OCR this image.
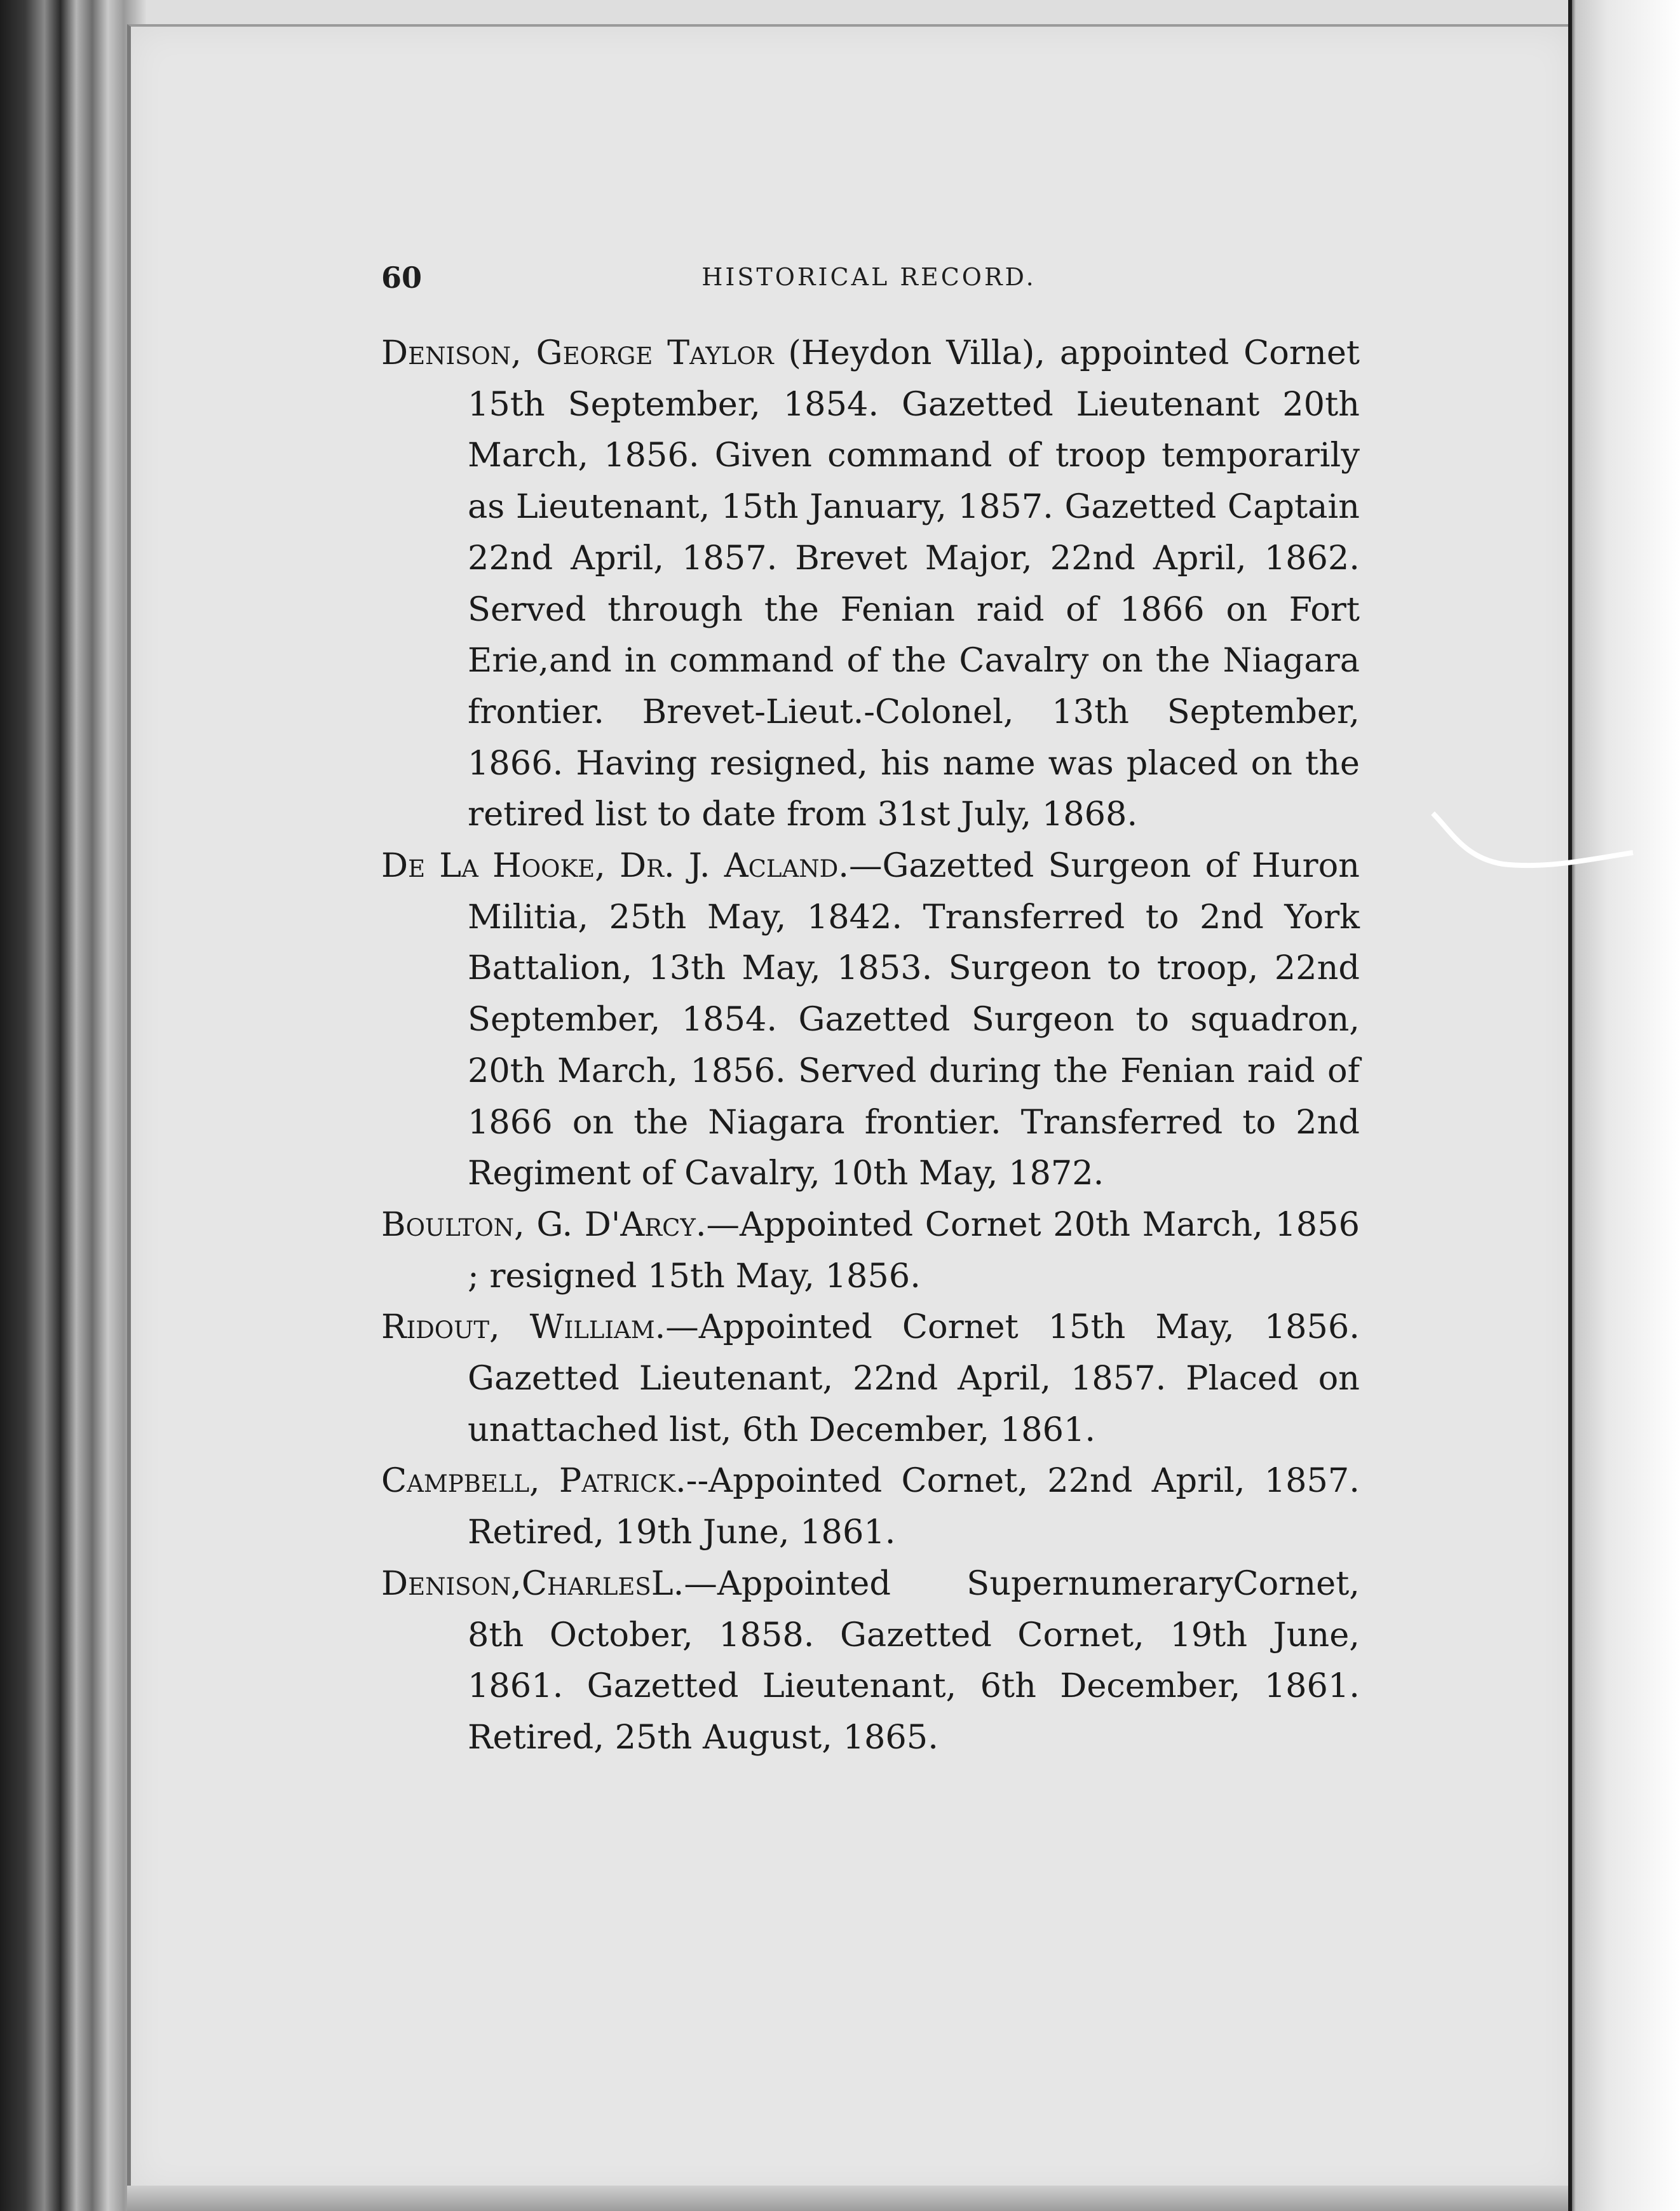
60	HISTORICAL RECORD.

Denison, George Taylor (Heydon Villa), appointed Cornet 15th September, 1854. Gazetted Lieutenant 20th March, 1856. Given command of troop temporarily as Lieutenant, 15th January, 1857. Gazetted Captain 22nd April, 1857. Brevet Major, 22nd April, 1862. Served through the Fenian raid of 1866 on Fort Erie,and in command of the Cavalry on the Niagara frontier. Brevet-Lieut.-Colonel, 13th September, 1866. Having resigned, his name was placed on the retired list to date from 31st July, 1868.

De La Hooke, Dr. J. Acland.—Gazetted Surgeon of Huron Militia, 25th May, 1842. Transferred to 2nd York Battalion, 13th May, 1853. Surgeon to troop, 22nd September, 1854. Gazetted Surgeon to squadron, 20th March, 1856. Served during the Fenian raid of 1866 on the Niagara frontier. Transferred to 2nd Regiment of Cavalry, 10th May, 1872.

Boulton, G. D'Arcy.—Appointed Cornet 20th March, 1856 ; resigned 15th May, 1856.

Ridout, William.—Appointed Cornet 15th May, 1856. Gazetted Lieutenant, 22nd April, 1857. Placed on unattached list, 6th December, 1861.

Campbell, Patrick.--Appointed Cornet, 22nd April, 1857. Retired, 19th June, 1861.

Denison,CharlesL.—Appointed SupernumeraryCornet, 8th October, 1858. Gazetted Cornet, 19th June, 1861. Gazetted Lieutenant, 6th December, 1861. Retired, 25th August, 1865.
